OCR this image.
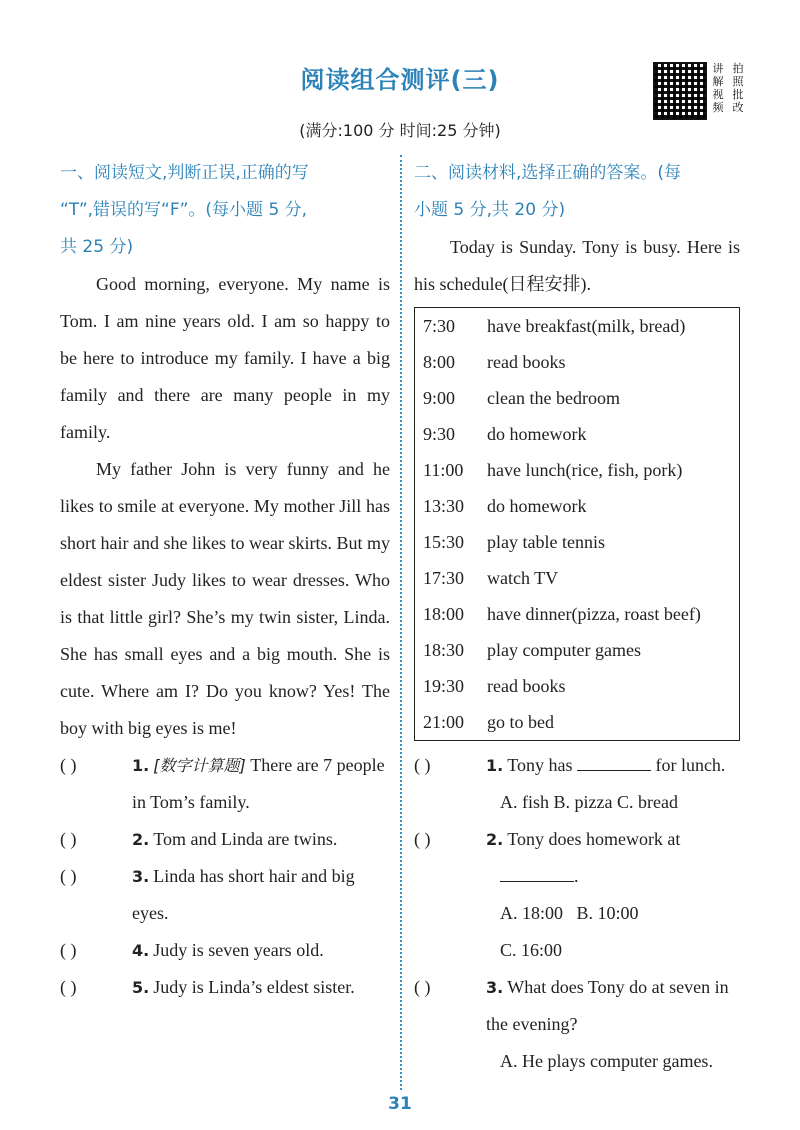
阅读组合测评(三)
(满分:100 分 时间:25 分钟)
讲 拍
解 照
视 批
频 改
一、阅读短文,判断正误,正确的写
“T”,错误的写“F”。(每小题 5 分,
共 25 分)
Good morning, everyone. My name is Tom. I am nine years old. I am so happy to be here to introduce my family. I have a big family and there are many people in my family.
My father John is very funny and he likes to smile at everyone. My mother Jill has short hair and she likes to wear skirts. But my eldest sister Judy likes to wear dresses. Who is that little girl? She’s my twin sister, Linda. She has small eyes and a big mouth. She is cute. Where am I? Do you know? Yes! The boy with big eyes is me!
( )	1. [数字计算题] There are 7 people in Tom’s family.
( )	2. Tom and Linda are twins.
( )	3. Linda has short hair and big eyes.
( )	4. Judy is seven years old.
( )	5. Judy is Linda’s eldest sister.
二、阅读材料,选择正确的答案。(每
小题 5 分,共 20 分)
Today is Sunday. Tony is busy. Here is his schedule(日程安排).
7:30	have breakfast(milk, bread)
8:00	read books
9:00	clean the bedroom
9:30	do homework
11:00	have lunch(rice, fish, pork)
13:30	do homework
15:30	play table tennis
17:30	watch TV
18:00	have dinner(pizza, roast beef)
18:30	play computer games
19:30	read books
21:00	go to bed
( )	1. Tony has	for lunch.
A. fish B. pizza C. bread
( )	2. Tony does homework at
.
A. 18:00 B. 10:00
C. 16:00
( )	3. What does Tony do at seven in the evening?
A. He plays computer games.
31
